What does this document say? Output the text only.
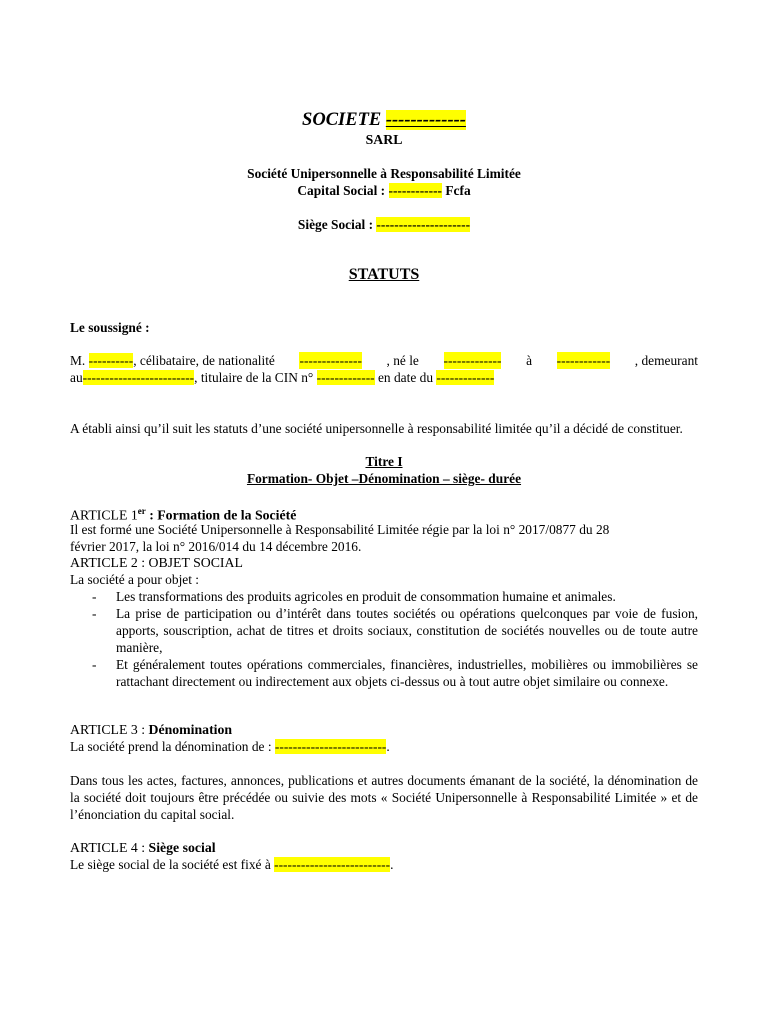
SOCIETE -------------
SARL
Société Unipersonnelle à Responsabilité Limitée
Capital Social : ------------ Fcfa
Siège Social : ---------------------
STATUTS
Le soussigné :
M. ----------, célibataire, de nationalité -------------- , né le ------------- à ------------ , demeurant
au-------------------------, titulaire de la CIN n° ------------- en date du -------------
A établi ainsi qu’il suit les statuts d’une société unipersonnelle à responsabilité limitée qu’il a décidé de constituer.
Titre I
Formation- Objet –Dénomination – siège- durée
ARTICLE 1er : Formation de la Société
Il est formé une Société Unipersonnelle à Responsabilité Limitée régie par la loi n° 2017/0877 du 28
février 2017, la loi n° 2016/014 du 14 décembre 2016.
ARTICLE 2 : OBJET SOCIAL
La société a pour objet :
- Les transformations des produits agricoles en produit de consommation humaine et animales.
- La prise de participation ou d’intérêt dans toutes sociétés ou opérations quelconques par voie de fusion, apports, souscription, achat de titres et droits sociaux, constitution de sociétés nouvelles ou de toute autre manière,
- Et généralement toutes opérations commerciales, financières, industrielles, mobilières ou immobilières se rattachant directement ou indirectement aux objets ci-dessus ou à tout autre objet similaire ou connexe.
ARTICLE 3 : Dénomination
La société prend la dénomination de : -------------------------.
Dans tous les actes, factures, annonces, publications et autres documents émanant de la société, la dénomination de la société doit toujours être précédée ou suivie des mots « Société Unipersonnelle à Responsabilité Limitée » et de l’énonciation du capital social.
ARTICLE 4 : Siège social
Le siège social de la société est fixé à --------------------------.
